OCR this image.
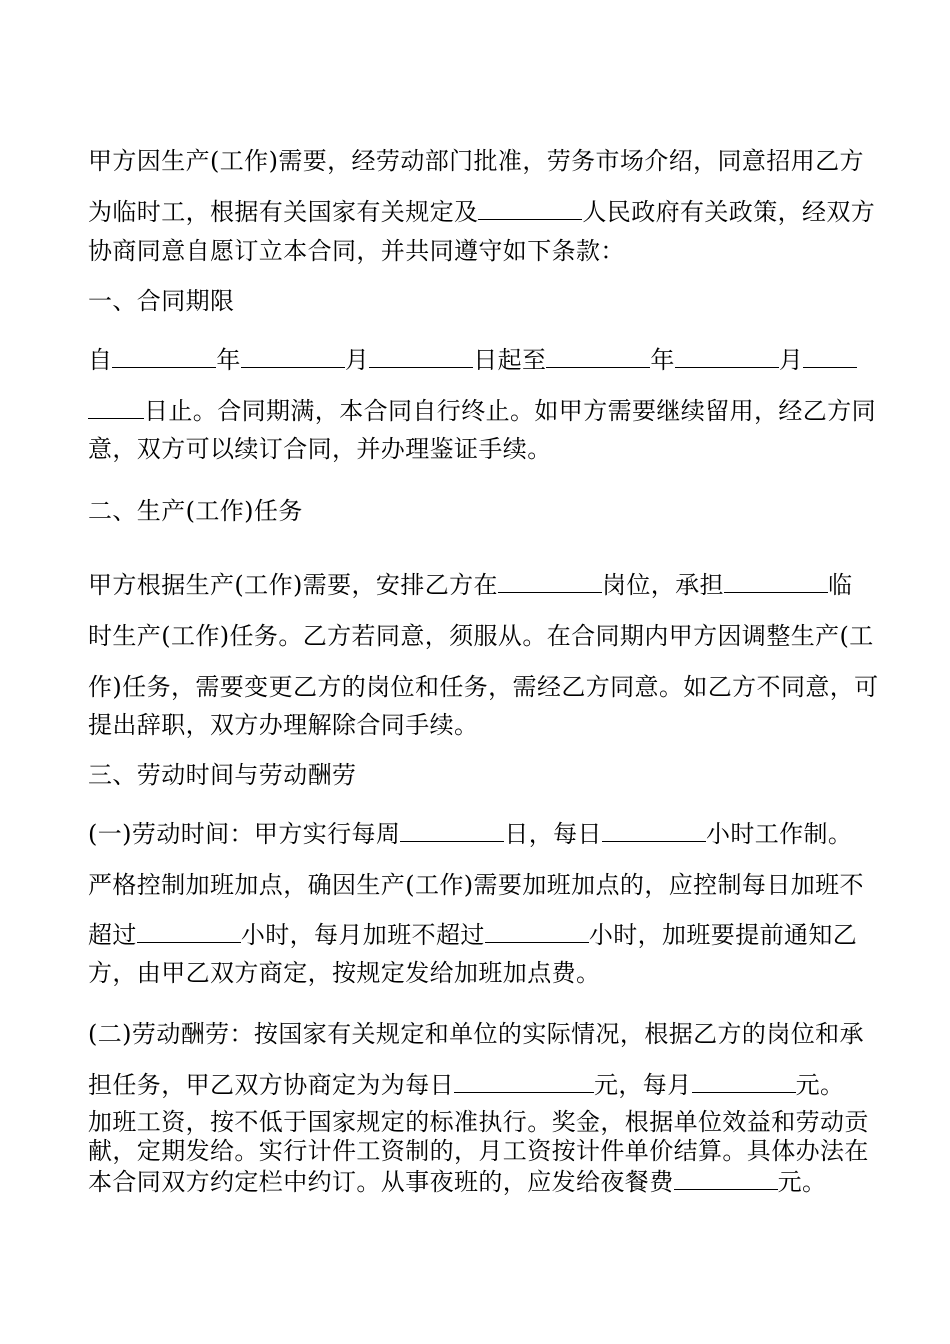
甲方因生产(工作)需要，经劳动部门批准，劳务市场介绍，同意招用乙方
为临时工，根据有关国家有关规定及	人民政府有关政策，经双方
协商同意自愿订立本合同，并共同遵守如下条款：
一、合同期限
自	年	月	日起至	年	月
日止。合同期满，本合同自行终止。如甲方需要继续留用，经乙方同
意，双方可以续订合同，并办理鉴证手续。
二、生产(工作)任务
甲方根据生产(工作)需要，安排乙方在	岗位，承担	临
时生产(工作)任务。乙方若同意，须服从。在合同期内甲方因调整生产(工
作)任务，需要变更乙方的岗位和任务，需经乙方同意。如乙方不同意，可
提出辞职，双方办理解除合同手续。
三、劳动时间与劳动酬劳
(一)劳动时间：甲方实行每周	日，每日	小时工作制。
严格控制加班加点，确因生产(工作)需要加班加点的，应控制每日加班不
超过	小时，每月加班不超过	小时，加班要提前通知乙
方，由甲乙双方商定，按规定发给加班加点费。
(二)劳动酬劳：按国家有关规定和单位的实际情况，根据乙方的岗位和承
担任务，甲乙双方协商定为为每日	元，每月	元。
加班工资，按不低于国家规定的标准执行。奖金，根据单位效益和劳动贡
献，定期发给。实行计件工资制的，月工资按计件单价结算。具体办法在
本合同双方约定栏中约订。从事夜班的，应发给夜餐费	元。
